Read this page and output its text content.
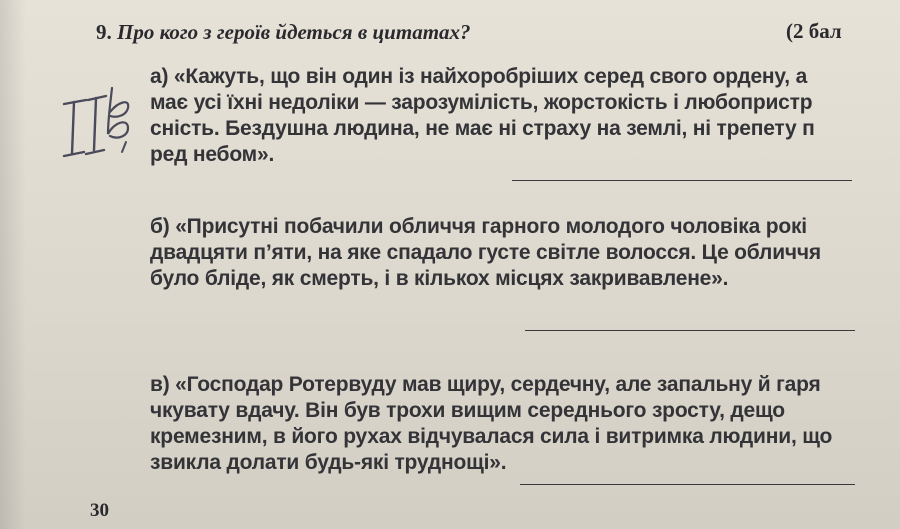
9. Про кого з героїв йдеться в цитатах?	(2 бал
а) «Кажуть, що він один із найхоробріших серед свого ордену, а
має усі їхні недоліки — зарозумілість, жорстокість і любопристр
сність. Бездушна людина, не має ні страху на землі, ні трепету п
ред небом».
б) «Присутні побачили обличчя гарного молодого чоловіка рокі
двадцяти п’яти, на яке спадало густе світле волосся. Це обличчя
було бліде, як смерть, і в кількох місцях закривавлене».
в) «Господар Ротервуду мав щиру, сердечну, але запальну й гаря
чкувату вдачу. Він був трохи вищим середнього зросту, дещо
кремезним, в його рухах відчувалася сила і витримка людини, що
звикла долати будь-які труднощі».
30
